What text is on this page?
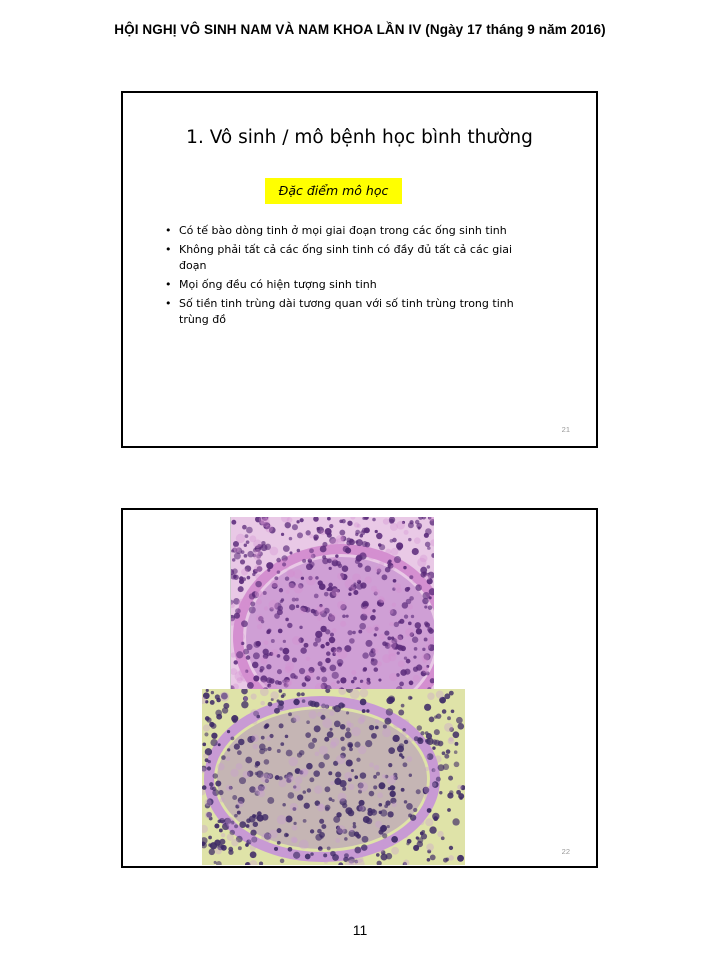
HỘI NGHỊ VÔ SINH NAM VÀ NAM KHOA LẦN IV (Ngày 17 tháng 9 năm 2016)
1. Vô sinh / mô bệnh học bình thường
Đặc điểm mô học
• Có tế bào dòng tinh ở mọi giai đoạn trong các ống sinh tinh
• Không phải tất cả các ống sinh tinh có đầy đủ tất cả các giai đoạn
• Mọi ống đều có hiện tượng sinh tinh
• Số tiền tinh trùng dài tương quan với số tinh trùng trong tinh trùng đồ
21
22
11
